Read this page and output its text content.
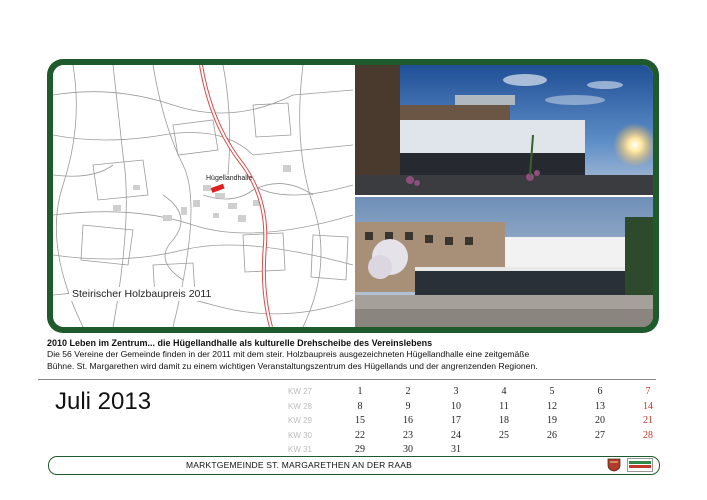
Hügellandhalle
Steirischer Holzbaupreis 2011
2010 Leben im Zentrum... die Hügellandhalle als kulturelle Drehscheibe des Vereinslebens
Die 56 Vereine der Gemeinde finden in der 2011 mit dem steir. Holzbaupreis ausgezeichneten Hügellandhalle eine zeitgemäße
Bühne. St. Margarethen wird damit zu einem wichtigen Veranstaltungszentrum des Hügellands und der angrenzenden Regionen.
Juli 2013	KW 27	1	2	3	4	5	6	7
KW 28	8	9	10	11	12	13	14
KW 29	15	16	17	18	19	20	21
KW 30	22	23	24	25	26	27	28
KW 31	29	30	31
MARKTGEMEINDE ST. MARGARETHEN AN DER RAAB
